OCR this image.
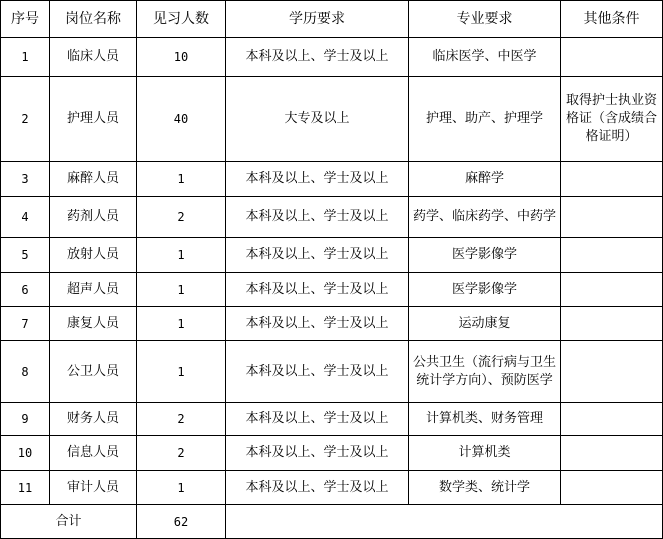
序号	岗位名称	见习人数	学历要求	专业要求	其他条件
1	临床人员	10	本科及以上、学士及以上	临床医学、中医学	
2	护理人员	40	大专及以上	护理、助产、护理学	取得护士执业资格证（含成绩合格证明）
3	麻醉人员	1	本科及以上、学士及以上	麻醉学	
4	药剂人员	2	本科及以上、学士及以上	药学、临床药学、中药学	
5	放射人员	1	本科及以上、学士及以上	医学影像学	
6	超声人员	1	本科及以上、学士及以上	医学影像学	
7	康复人员	1	本科及以上、学士及以上	运动康复	
8	公卫人员	1	本科及以上、学士及以上	公共卫生（流行病与卫生统计学方向）、预防医学	
9	财务人员	2	本科及以上、学士及以上	计算机类、财务管理	
10	信息人员	2	本科及以上、学士及以上	计算机类	
11	审计人员	1	本科及以上、学士及以上	数学类、统计学	
合计		62			
